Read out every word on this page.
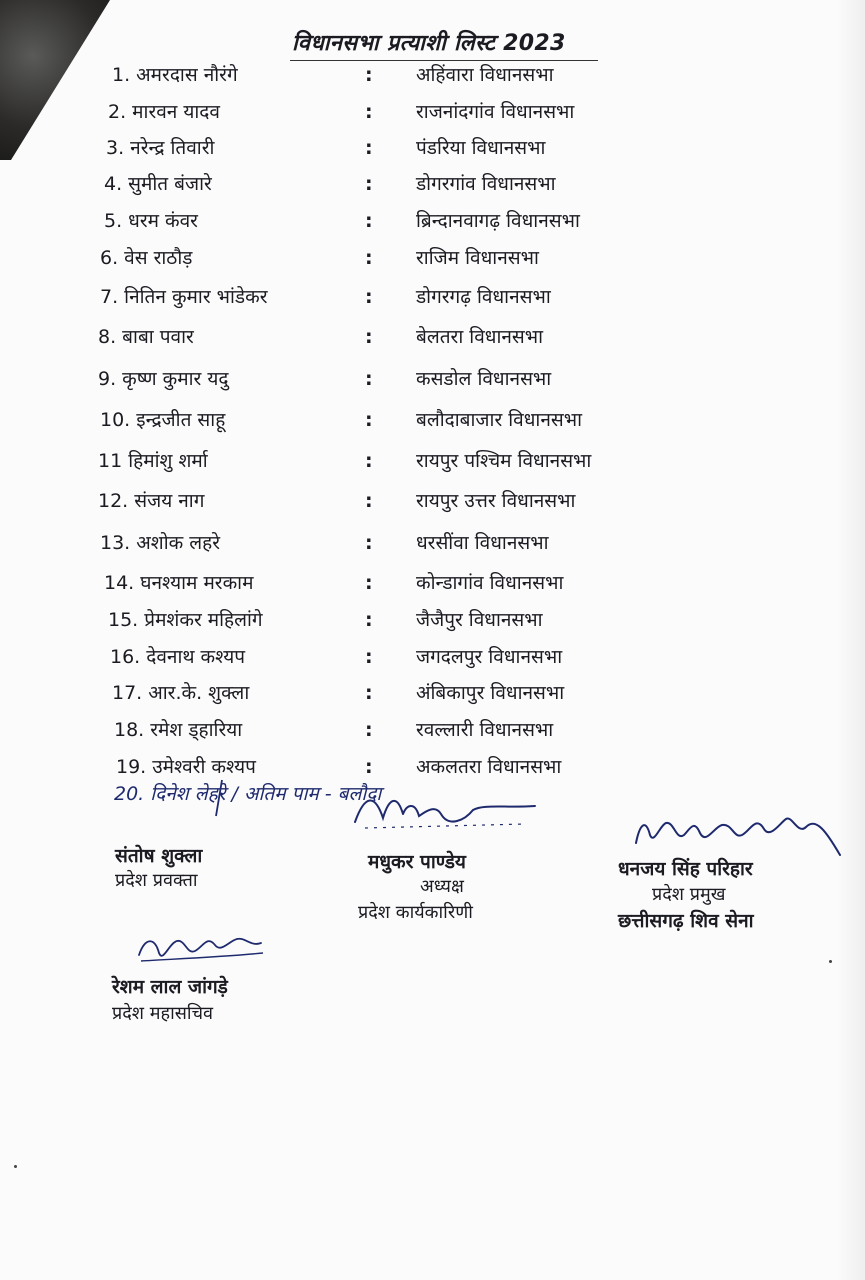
विधानसभा प्रत्याशी लिस्ट 2023
1. अमरदास नौरंगे	: अहिंवारा विधानसभा
2. मारवन यादव	: राजनांदगांव विधानसभा
3. नरेन्द्र तिवारी	: पंडरिया विधानसभा
4. सुमीत बंजारे	: डोगरगांव विधानसभा
5. धरम कंवर	: ब्रिन्दानवागढ़ विधानसभा
6. वेस राठौड़	: राजिम विधानसभा
7. नितिन कुमार भांडेकर	: डोगरगढ़ विधानसभा
8. बाबा पवार	: बेलतरा विधानसभा
9. कृष्ण कुमार यदु	: कसडोल विधानसभा
10. इन्द्रजीत साहू	: बलौदाबाजार विधानसभा
11 हिमांशु शर्मा	: रायपुर पश्चिम विधानसभा
12. संजय नाग	: रायपुर उत्तर विधानसभा
13. अशोक लहरे	: धरसींवा विधानसभा
14. घनश्याम मरकाम	: कोन्डागांव विधानसभा
15. प्रेमशंकर महिलांगे	: जैजैपुर विधानसभा
16. देवनाथ कश्यप	: जगदलपुर विधानसभा
17. आर.के. शुक्ला	: अंबिकापुर विधानसभा
18. रमेश ड्हारिया	: रवल्लारी विधानसभा
19. उमेश्वरी कश्यप	: अकलतरा विधानसभा
20. दिनेश लेहरे / अतिम पाम - बलौदा
संतोष शुक्ला
प्रदेश प्रवक्ता
मधुकर पाण्डेय
अध्यक्ष
प्रदेश कार्यकारिणी
धनजय सिंह परिहार
प्रदेश प्रमुख
छत्तीसगढ़ शिव सेना
रेशम लाल जांगड़े
प्रदेश महासचिव
